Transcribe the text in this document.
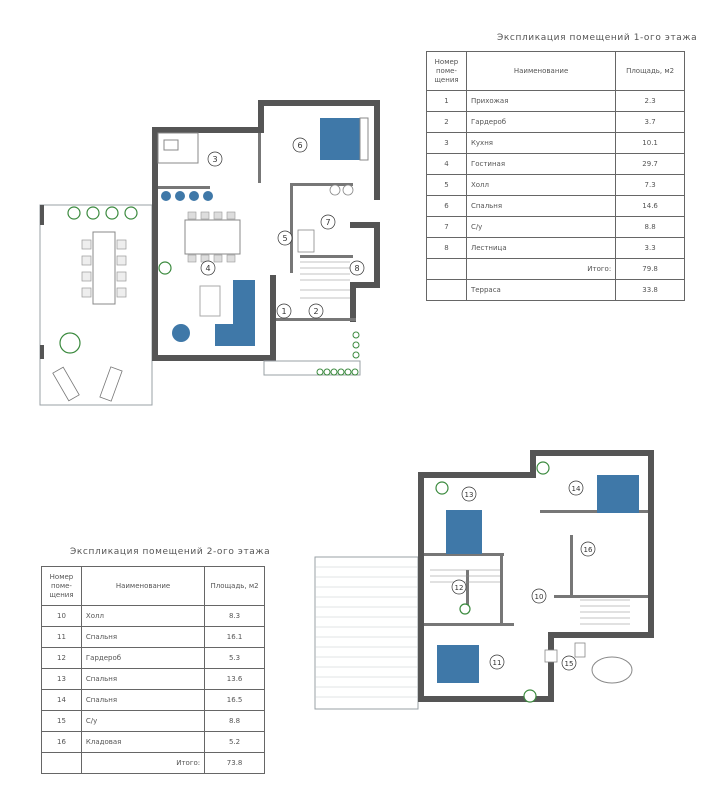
1	2
3
4
5
6
7
8
10
11
12
13
14
15
16
Экспликация помещений 1-ого этажа
Номер поме- щения	Наименование	Площадь, м2
1	Прихожая	2.3
2	Гардероб	3.7
3	Кухня	10.1
4	Гостиная	29.7
5	Холл	7.3
6	Спальня	14.6
7	С/у	8.8
8	Лестница	3.3
	Итого:	79.8
	Терраса	33.8
Экспликация помещений 2-ого этажа
Номер поме- щения	Наименование	Площадь, м2
10	Холл	8.3
11	Спальня	16.1
12	Гардероб	5.3
13	Спальня	13.6
14	Спальня	16.5
15	С/у	8.8
16	Кладовая	5.2
	Итого:	73.8
